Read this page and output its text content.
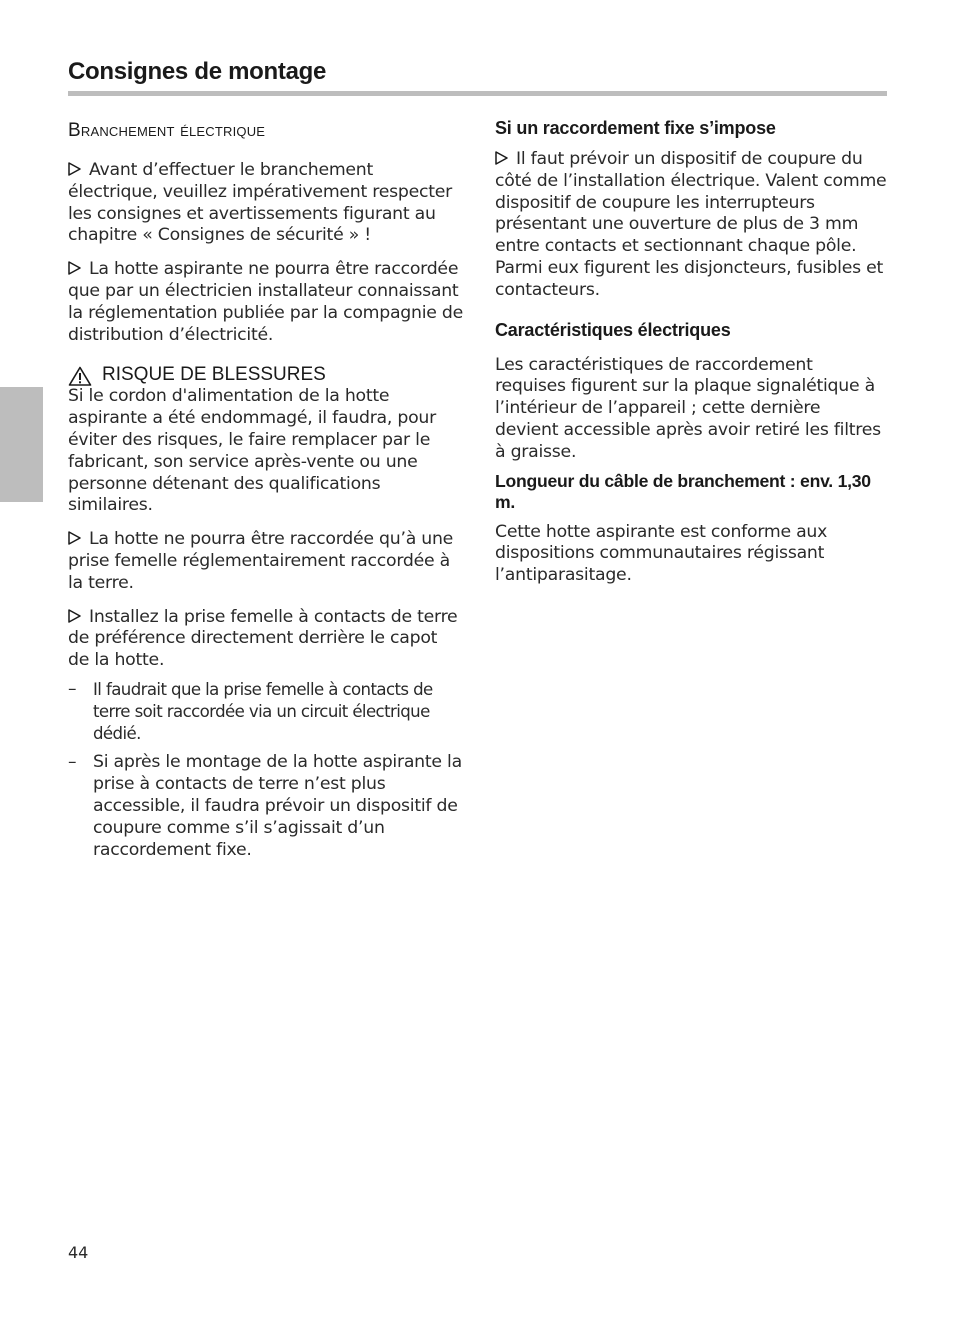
Consignes de montage
Branchement électrique

Avant d’effectuer le branchement électrique, veuillez impérativement respecter les consignes et avertissements figurant au chapitre « Consignes de sécurité » !

La hotte aspirante ne pourra être raccordée que par un électricien installateur connaissant la réglementation publiée par la compagnie de distribution d’électricité.

RISQUE DE BLESSURES

Si le cordon d'alimentation de la hotte aspirante a été endommagé, il faudra, pour éviter des risques, le faire remplacer par le fabricant, son service après-vente ou une personne détenant des qualifications similaires.

La hotte ne pourra être raccordée qu’à une prise femelle réglementairement raccordée à la terre.

Installez la prise femelle à contacts de terre de préférence directement derrière le capot de la hotte.

– Il faudrait que la prise femelle à contacts de terre soit raccordée via un circuit électrique dédié.

– Si après le montage de la hotte aspirante la prise à contacts de terre n’est plus accessible, il faudra prévoir un dispositif de coupure comme s’il s’agissait d’un raccordement fixe.

Si un raccordement fixe s’impose

Il faut prévoir un dispositif de coupure du côté de l’installation électrique. Valent comme dispositif de coupure les interrupteurs présentant une ouverture de plus de 3 mm entre contacts et sectionnant chaque pôle. Parmi eux figurent les disjoncteurs, fusibles et contacteurs.

Caractéristiques électriques

Les caractéristiques de raccordement requises figurent sur la plaque signalétique à l’intérieur de l’appareil ; cette dernière devient accessible après avoir retiré les filtres à graisse.

Longueur du câble de branchement : env. 1,30 m.

Cette hotte aspirante est conforme aux dispositions communautaires régissant l’antiparasitage.

44
